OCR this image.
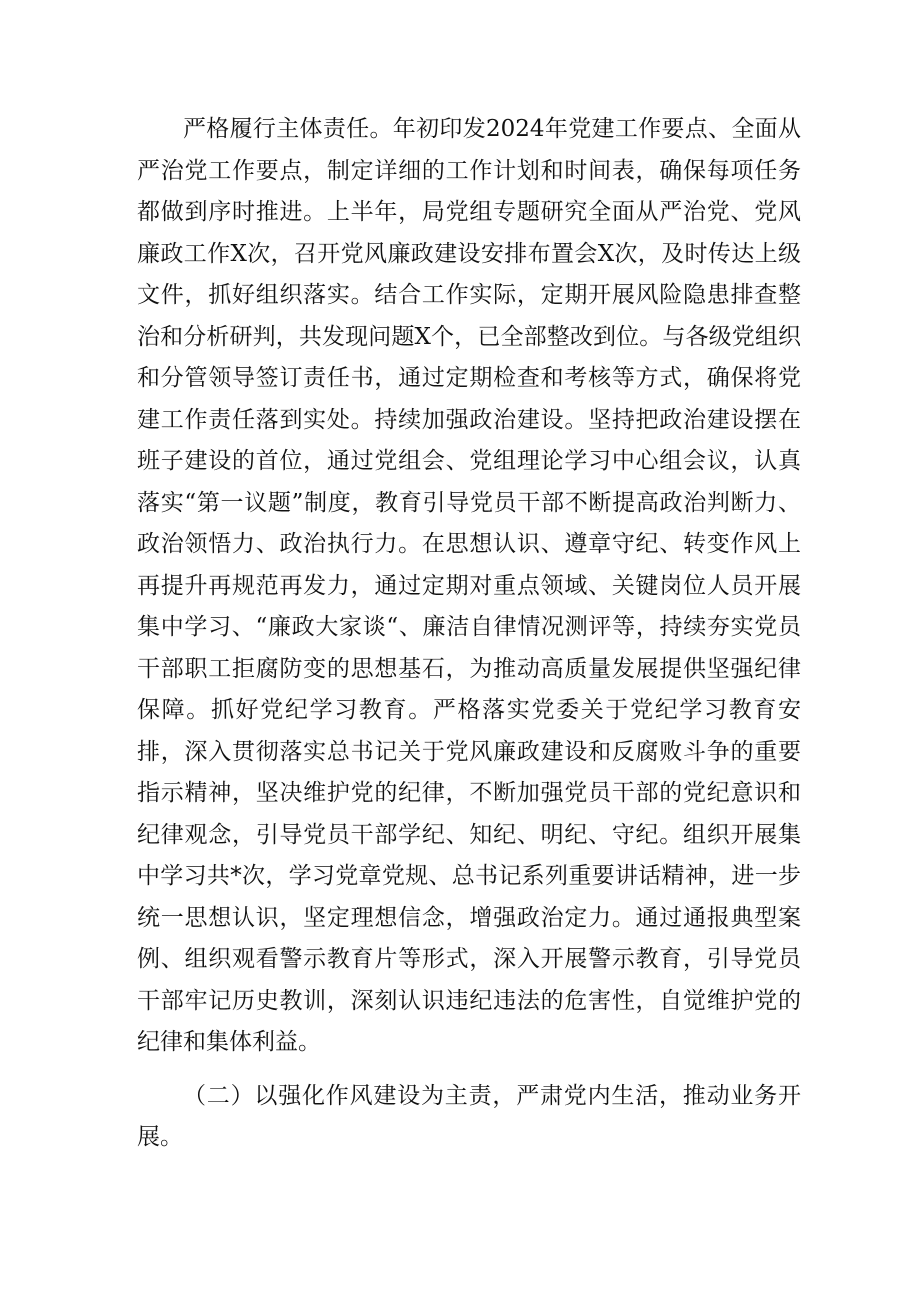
严格履行主体责任。年初印发2024年党建工作要点、全面从严治党工作要点，制定详细的工作计划和时间表，确保每项任务都做到序时推进。上半年，局党组专题研究全面从严治党、党风廉政工作X次，召开党风廉政建设安排布置会X次，及时传达上级文件，抓好组织落实。结合工作实际，定期开展风险隐患排查整治和分析研判，共发现问题X个，已全部整改到位。与各级党组织和分管领导签订责任书，通过定期检查和考核等方式，确保将党建工作责任落到实处。持续加强政治建设。坚持把政治建设摆在班子建设的首位，通过党组会、党组理论学习中心组会议，认真落实“第一议题”制度，教育引导党员干部不断提高政治判断力、政治领悟力、政治执行力。在思想认识、遵章守纪、转变作风上再提升再规范再发力，通过定期对重点领域、关键岗位人员开展集中学习、“廉政大家谈“、廉洁自律情况测评等，持续夯实党员干部职工拒腐防变的思想基石，为推动高质量发展提供坚强纪律保障。抓好党纪学习教育。严格落实党委关于党纪学习教育安排，深入贯彻落实总书记关于党风廉政建设和反腐败斗争的重要指示精神，坚决维护党的纪律，不断加强党员干部的党纪意识和纪律观念，引导党员干部学纪、知纪、明纪、守纪。组织开展集中学习共*次，学习党章党规、总书记系列重要讲话精神，进一步统一思想认识，坚定理想信念，增强政治定力。通过通报典型案例、组织观看警示教育片等形式，深入开展警示教育，引导党员干部牢记历史教训，深刻认识违纪违法的危害性，自觉维护党的纪律和集体利益。

（二）以强化作风建设为主责，严肃党内生活，推动业务开展。
